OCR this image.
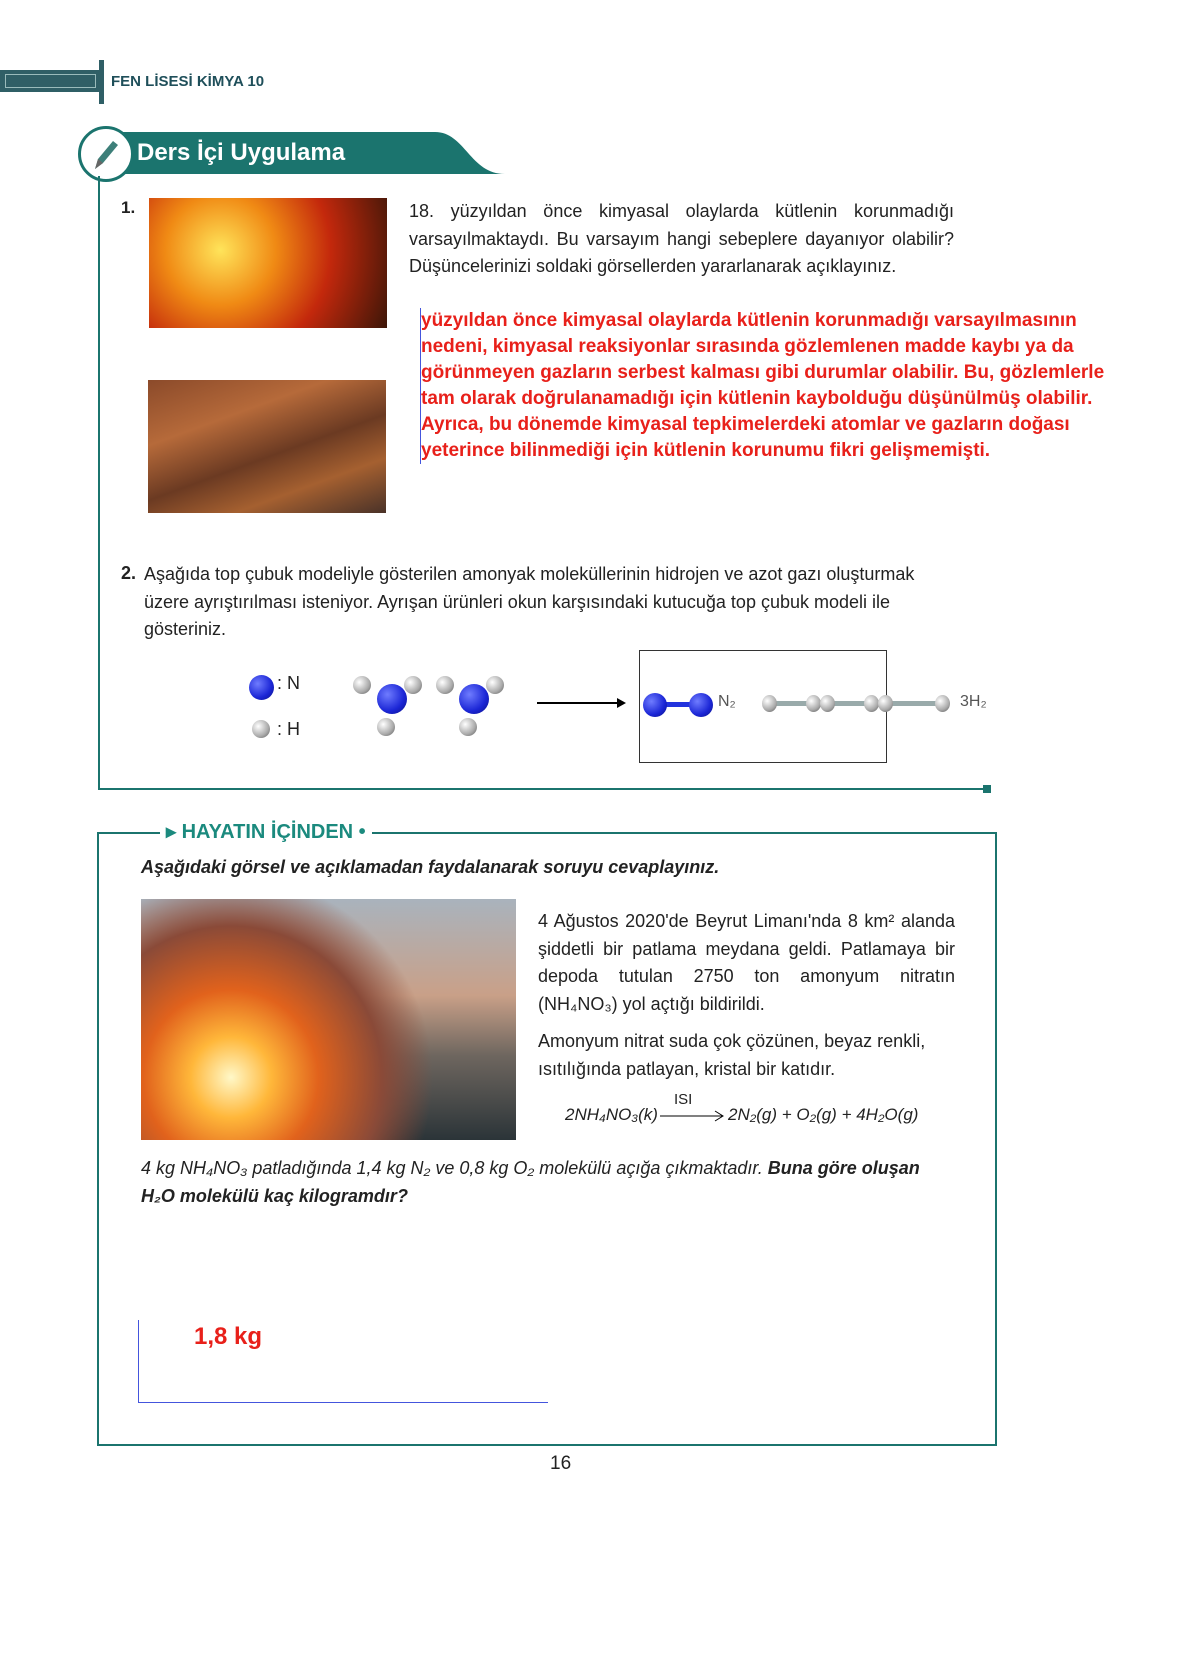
FEN LİSESİ KİMYA 10
Ders İçi Uygulama
1.	18. yüzyıldan önce kimyasal olaylarda kütlenin korunmadığı varsayılmaktaydı. Bu varsayım hangi sebeplere dayanıyor olabilir? Düşüncelerinizi soldaki görsellerden yararlanarak açıklayınız.
yüzyıldan önce kimyasal olaylarda kütlenin korunmadığı varsayılmasının nedeni, kimyasal reaksiyonlar sırasında gözlemlenen madde kaybı ya da görünmeyen gazların serbest kalması gibi durumlar olabilir. Bu, gözlemlerle tam olarak doğrulanamadığı için kütlenin kaybolduğu düşünülmüş olabilir. Ayrıca, bu dönemde kimyasal tepkimelerdeki atomlar ve gazların doğası yeterince bilinmediği için kütlenin korunumu fikri gelişmemişti.
2. Aşağıda top çubuk modeliyle gösterilen amonyak moleküllerinin hidrojen ve azot gazı oluşturmak üzere ayrıştırılması isteniyor. Ayrışan ürünleri okun karşısındaki kutucuğa top çubuk modeli ile gösteriniz.
: N
: H
N₂	3H₂
▸ HAYATIN İÇİNDEN •
Aşağıdaki görsel ve açıklamadan faydalanarak soruyu cevaplayınız.
4 Ağustos 2020'de Beyrut Limanı'nda 8 km² alanda şiddetli bir patlama meydana geldi. Patlamaya bir depoda tutulan 2750 ton amonyum nitratın (NH₄NO₃) yol açtığı bildirildi.
Amonyum nitrat suda çok çözünen, beyaz renkli, ısıtılığında patlayan, kristal bir katıdır.
2NH₄NO₃(k)
ISI
2N₂(g) + O₂(g) + 4H₂O(g)
4 kg NH₄NO₃ patladığında 1,4 kg N₂ ve 0,8 kg O₂ molekülü açığa çıkmaktadır. Buna göre oluşan H₂O molekülü kaç kilogramdır?
1,8 kg
16
